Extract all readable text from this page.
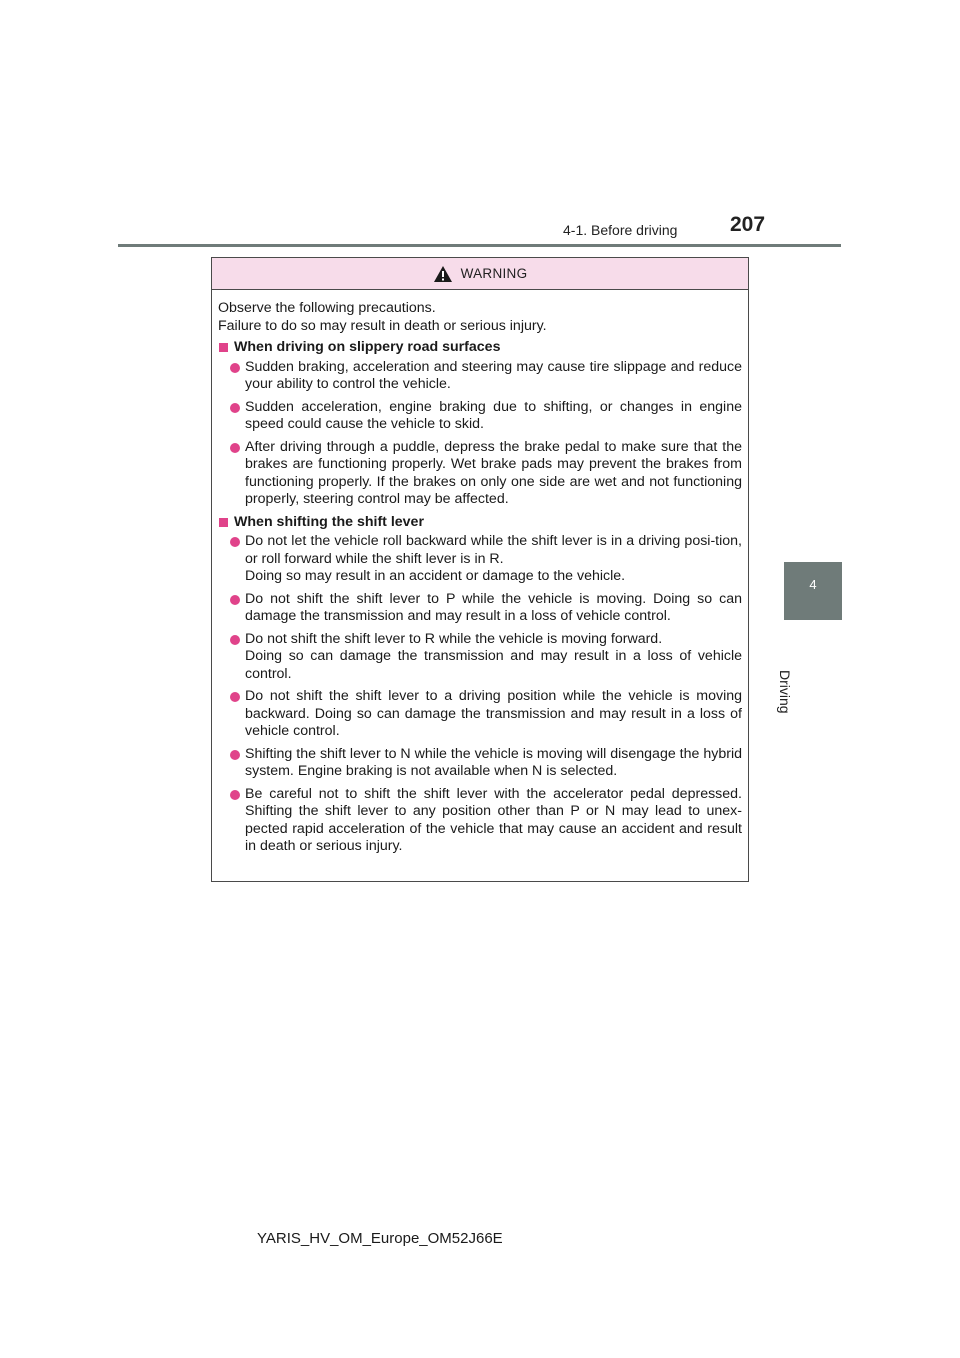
4-1. Before driving	207
4
Driving
WARNING

Observe the following precautions.
Failure to do so may result in death or serious injury.

When driving on slippery road surfaces
Sudden braking, acceleration and steering may cause tire slippage and reduce your ability to control the vehicle.
Sudden acceleration, engine braking due to shifting, or changes in engine speed could cause the vehicle to skid.
After driving through a puddle, depress the brake pedal to make sure that the brakes are functioning properly. Wet brake pads may prevent the brakes from functioning properly. If the brakes on only one side are wet and not functioning properly, steering control may be affected.
When shifting the shift lever
Do not let the vehicle roll backward while the shift lever is in a driving posi-tion, or roll forward while the shift lever is in R.
Doing so may result in an accident or damage to the vehicle.
Do not shift the shift lever to P while the vehicle is moving. Doing so can damage the transmission and may result in a loss of vehicle control.
Do not shift the shift lever to R while the vehicle is moving forward.
Doing so can damage the transmission and may result in a loss of vehicle control.
Do not shift the shift lever to a driving position while the vehicle is moving backward. Doing so can damage the transmission and may result in a loss of vehicle control.
Shifting the shift lever to N while the vehicle is moving will disengage the hybrid system. Engine braking is not available when N is selected.
Be careful not to shift the shift lever with the accelerator pedal depressed. Shifting the shift lever to any position other than P or N may lead to unex-pected rapid acceleration of the vehicle that may cause an accident and result in death or serious injury.
YARIS_HV_OM_Europe_OM52J66E
